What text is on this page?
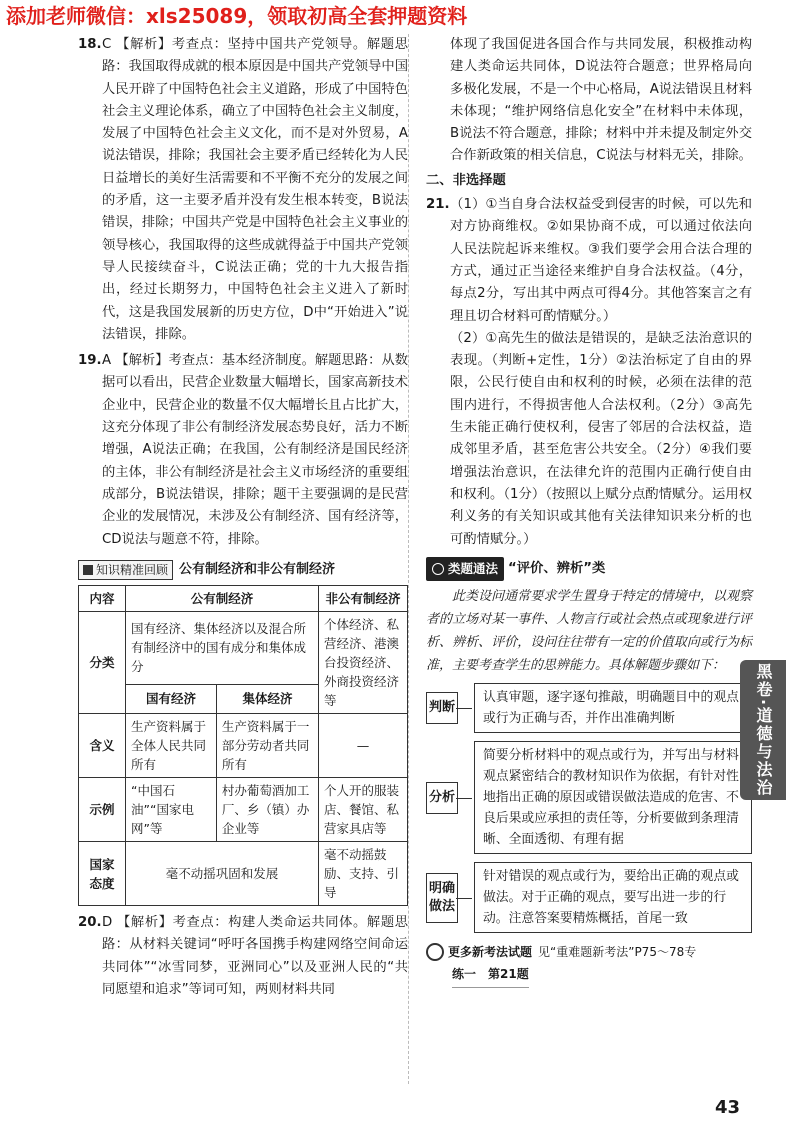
添加老师微信：xls25089，领取初高全套押题资料

18.C 【解析】考查点：坚持中国共产党领导。解题思路：我国取得成就的根本原因是中国共产党领导中国人民开辟了中国特色社会主义道路，形成了中国特色社会主义理论体系，确立了中国特色社会主义制度，发展了中国特色社会主义文化，而不是对外贸易，A说法错误，排除；我国社会主要矛盾已经转化为人民日益增长的美好生活需要和不平衡不充分的发展之间的矛盾，这一主要矛盾并没有发生根本转变，B说法错误，排除；中国共产党是中国特色社会主义事业的领导核心，我国取得的这些成就得益于中国共产党领导人民接续奋斗，C说法正确；党的十九大报告指出，经过长期努力，中国特色社会主义进入了新时代，这是我国发展新的历史方位，D中“开始进入”说法错误，排除。

19.A 【解析】考查点：基本经济制度。解题思路：从数据可以看出，民营企业数量大幅增长，国家高新技术企业中，民营企业的数量不仅大幅增长且占比扩大，这充分体现了非公有制经济发展态势良好，活力不断增强，A说法正确；在我国，公有制经济是国民经济的主体，非公有制经济是社会主义市场经济的重要组成部分，B说法错误，排除；题干主要强调的是民营企业的发展情况，未涉及公有制经济、国有经济等，CD说法与题意不符，排除。

知识精准回顾 公有制经济和非公有制经济
内容	公有制经济		非公有制经济
分类	国有经济、集体经济以及混合所有制经济中的国有成分和集体成分		个体经济、私营经济、港澳台投资经济、外商投资经济等
	国有经济	集体经济	
含义	生产资料属于全体人民共同所有	生产资料属于一部分劳动者共同所有	—
示例	“中国石油”“国家电网”等	村办葡萄酒加工厂、乡（镇）办企业等	个人开的服装店、餐馆、私营家具店等
国家态度	毫不动摇巩固和发展		毫不动摇鼓励、支持、引导

20.D 【解析】考查点：构建人类命运共同体。解题思路：从材料关键词“呼吁各国携手构建网络空间命运共同体”“冰雪同梦，亚洲同心”以及亚洲人民的“共同愿望和追求”等词可知，两则材料共同

体现了我国促进各国合作与共同发展，积极推动构建人类命运共同体，D说法符合题意；世界格局向多极化发展，不是一个中心格局，A说法错误且材料未体现；“维护网络信息化安全”在材料中未体现，B说法不符合题意，排除；材料中并未提及制定外交合作新政策的相关信息，C说法与材料无关，排除。

二、非选择题

21.（1）①当自身合法权益受到侵害的时候，可以先和对方协商维权。②如果协商不成，可以通过依法向人民法院起诉来维权。③我们要学会用合法合理的方式，通过正当途径来维护自身合法权益。（4分，每点2分，写出其中两点可得4分。其他答案言之有理且切合材料可酌情赋分。）

（2）①高先生的做法是错误的，是缺乏法治意识的表现。（判断+定性，1分）②法治标定了自由的界限，公民行使自由和权利的时候，必须在法律的范围内进行，不得损害他人合法权利。（2分）③高先生未能正确行使权利，侵害了邻居的合法权益，造成邻里矛盾，甚至危害公共安全。（2分）④我们要增强法治意识，在法律允许的范围内正确行使自由和权利。（1分）（按照以上赋分点酌情赋分。运用权利义务的有关知识或其他有关法律知识来分析的也可酌情赋分。）

类题通法 “评价、辨析”类

此类设问通常要求学生置身于特定的情境中，以观察者的立场对某一事件、人物言行或社会热点或现象进行评析、辨析、评价，设问往往带有一定的价值取向或行为标准，主要考查学生的思辨能力。具体解题步骤如下：

判断
认真审题，逐字逐句推敲，明确题目中的观点或行为正确与否，并作出准确判断
分析
简要分析材料中的观点或行为，并写出与材料观点紧密结合的教材知识作为依据，有针对性地指出正确的原因或错误做法造成的危害、不良后果或应承担的责任等，分析要做到条理清晰、全面透彻、有理有据
明确做法
针对错误的观点或行为，要给出正确的观点或做法。对于正确的观点，要写出进一步的行动。注意答案要精炼概括，首尾一致
更多新考法试题 见“重难题新考法”P75～78专
练一　第21题
黑卷·道德与法治
43
